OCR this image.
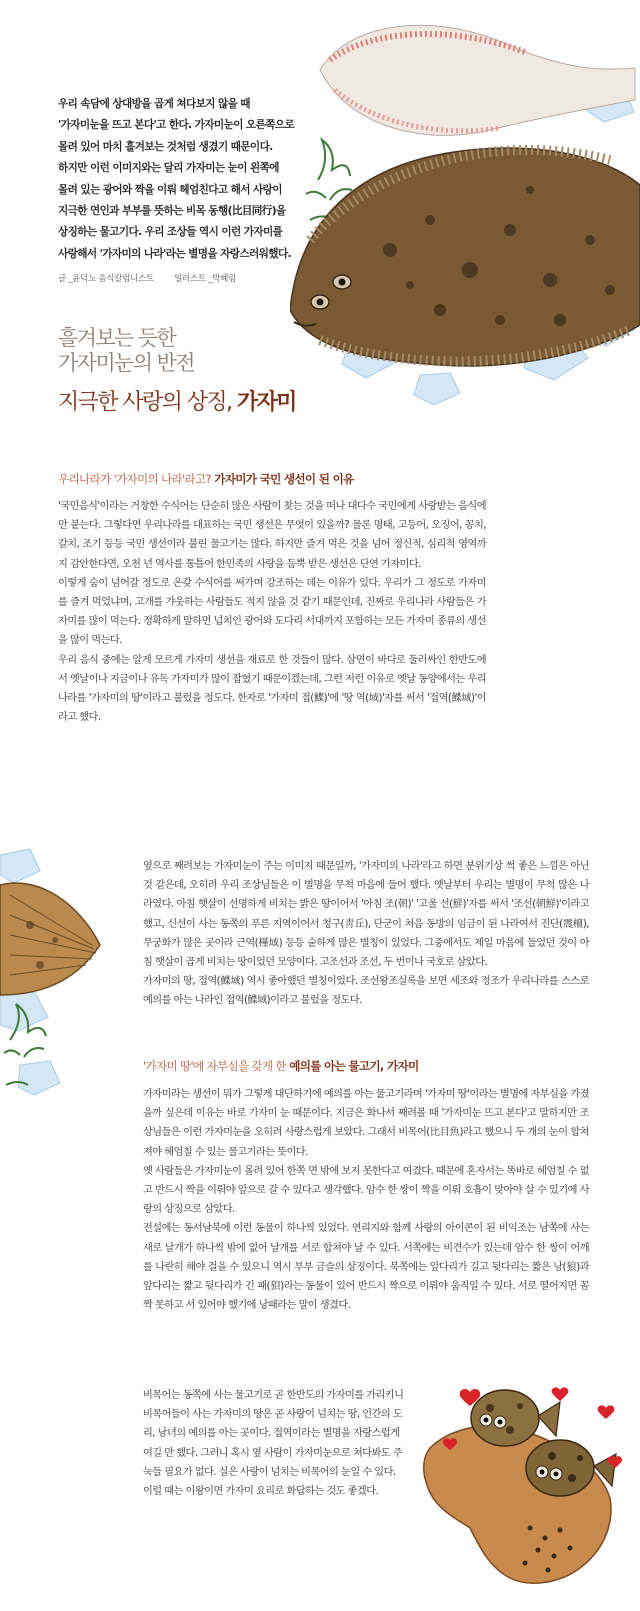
우리 속담에 상대방을 곱게 쳐다보지 않을 때 '가자미눈을 뜨고 본다'고 한다. 가자미눈이 오른쪽으로 몰려 있어 마치 흘겨보는 것처럼 생겼기 때문이다. 하지만 이런 이미지와는 달리 가자미는 눈이 왼쪽에 몰려 있는 광어와 짝을 이뤄 헤엄친다고 해서 사랑이 지극한 연인과 부부를 뜻하는 비목 동행(比目同行)을 상징하는 물고기다. 우리 조상들 역시 이런 가자미를 사랑해서 '가자미의 나라'라는 별명을 자랑스러워했다.
글 _윤덕노 음식칼럼니스트 일러스트 _박혜림
흘겨보는 듯한
가자미눈의 반전
지극한 사랑의 상징, 가자미
우리나라가 '가자미의 나라'라고? 가자미가 국민 생선이 된 이유

'국민음식'이라는 거창한 수식어는 단순히 많은 사람이 찾는 것을 떠나 대다수 국민에게 사랑받는 음식에만 붙는다. 그렇다면 우리나라를 대표하는 국민 생선은 무엇이 있을까? 물론 명태, 고등어, 오징어, 꽁치, 갈치, 조기 등등 국민 생선이라 불린 물고기는 많다. 하지만 즐겨 먹은 것을 넘어 정신적, 심리적 영역까지 감안한다면, 오천 년 역사를 통틀어 한민족의 사랑을 듬뿍 받은 생선은 단연 가자미다.

이렇게 숨이 넘어갈 정도로 온갖 수식어를 써가며 강조하는 데는 이유가 있다. 우리가 그 정도로 가자미를 즐겨 먹었냐며, 고개를 갸웃하는 사람들도 적지 않을 것 같기 때문인데, 진짜로 우리나라 사람들은 가자미를 많이 먹는다. 정확하게 말하면 넙치인 광어와 도다리 서대까지 포함하는 모든 가자미 종류의 생선을 많이 먹는다.

우리 음식 중에는 알게 모르게 가자미 생선을 재료로 한 것들이 많다. 삼면이 바다로 둘러싸인 한반도에서 옛날이나 지금이나 유독 가자미가 많이 잡혔기 때문이겠는데, 그런 저런 이유로 옛날 동양에서는 우리나라를 '가자미의 땅'이라고 불렀을 정도다. 한자로 '가자미 접(鰈)'에 '땅 역(域)'자를 써서 '접역(鰈域)'이라고 했다.

옆으로 째려보는 가자미눈이 주는 이미지 때문일까, '가자미의 나라'라고 하면 분위기상 썩 좋은 느낌은 아닌 것 같은데, 오히려 우리 조상님들은 이 별명을 무척 마음에 들어 했다. 옛날부터 우리는 별명이 무척 많은 나라였다. 아침 햇살이 선명하게 비치는 밝은 땅이어서 '아침 조(朝)' '고울 선(鮮)'자를 써서 '조선(朝鮮)'이라고 했고, 신선이 사는 동쪽의 푸른 지역이어서 청구(靑丘), 단군이 처음 동방의 임금이 된 나라여서 진단(震檀), 무궁화가 많은 곳이라 근역(槿域) 등등 숱하게 많은 별칭이 있었다. 그중에서도 제일 마음에 들었던 것이 아침 햇살이 곱게 비치는 땅이었던 모양이다. 고조선과 조선, 두 번이나 국호로 삼았다.

가자미의 땅, 접역(鰈域) 역시 좋아했던 별칭이었다. 조선왕조실록을 보면 세조와 정조가 우리나라를 스스로 예의를 아는 나라인 접역(鰈域)이라고 불렀을 정도다.

'가자미 땅'에 자부심을 갖게 한 예의를 아는 물고기, 가자미

가자미라는 생선이 뭐가 그렇게 대단하기에 예의를 아는 물고기라며 '가자미 땅'이라는 별명에 자부심을 가졌을까 싶은데 이유는 바로 가자미 눈 때문이다. 지금은 화나서 째려볼 때 '가자미눈 뜨고 본다'고 말하지만 조상님들은 이런 가자미눈을 오히려 사랑스럽게 보았다. 그래서 비목어(比目魚)라고 했으니 두 개의 눈이 합쳐져야 헤엄칠 수 있는 물고기라는 뜻이다.

옛 사람들은 가자미눈이 몰려 있어 한쪽 면 밖에 보지 못한다고 여겼다. 때문에 혼자서는 똑바로 헤엄칠 수 없고 반드시 짝을 이뤄야 앞으로 갈 수 있다고 생각했다. 암수 한 쌍이 짝을 이뤄 호흡이 맞아야 살 수 있기에 사랑의 상징으로 삼았다.

전설에는 동서남북에 이런 동물이 하나씩 있었다. 연리지와 함께 사랑의 아이콘이 된 비익조는 남쪽에 사는 새로 날개가 하나씩 밖에 없어 날개를 서로 합쳐야 날 수 있다. 서쪽에는 비견수가 있는데 암수 한 쌍이 어깨를 나란히 해야 걸을 수 있으니 역시 부부 금슬의 상징이다. 북쪽에는 앞다리가 길고 뒷다리는 짧은 낭(狼)과 앞다리는 짧고 뒷다리가 긴 패(狽)라는 동물이 있어 반드시 짝으로 이뤄야 움직일 수 있다. 서로 떨어지면 꼼짝 못하고 서 있어야 했기에 낭패라는 말이 생겼다.

비목어는 동쪽에 사는 물고기로 곧 한반도의 가자미를 가리키니 비목어들이 사는 가자미의 땅은 곧 사랑이 넘치는 땅, 인간의 도리, 남녀의 예의를 아는 곳이다. 접역이라는 별명을 자랑스럽게 여길 만 했다. 그러니 혹시 옆 사람이 가자미눈으로 쳐다봐도 주눅들 필요가 없다. 실은 사랑이 넘치는 비목어의 눈일 수 있다. 이럴 때는 이왕이면 가자미 요리로 화답하는 것도 좋겠다.
